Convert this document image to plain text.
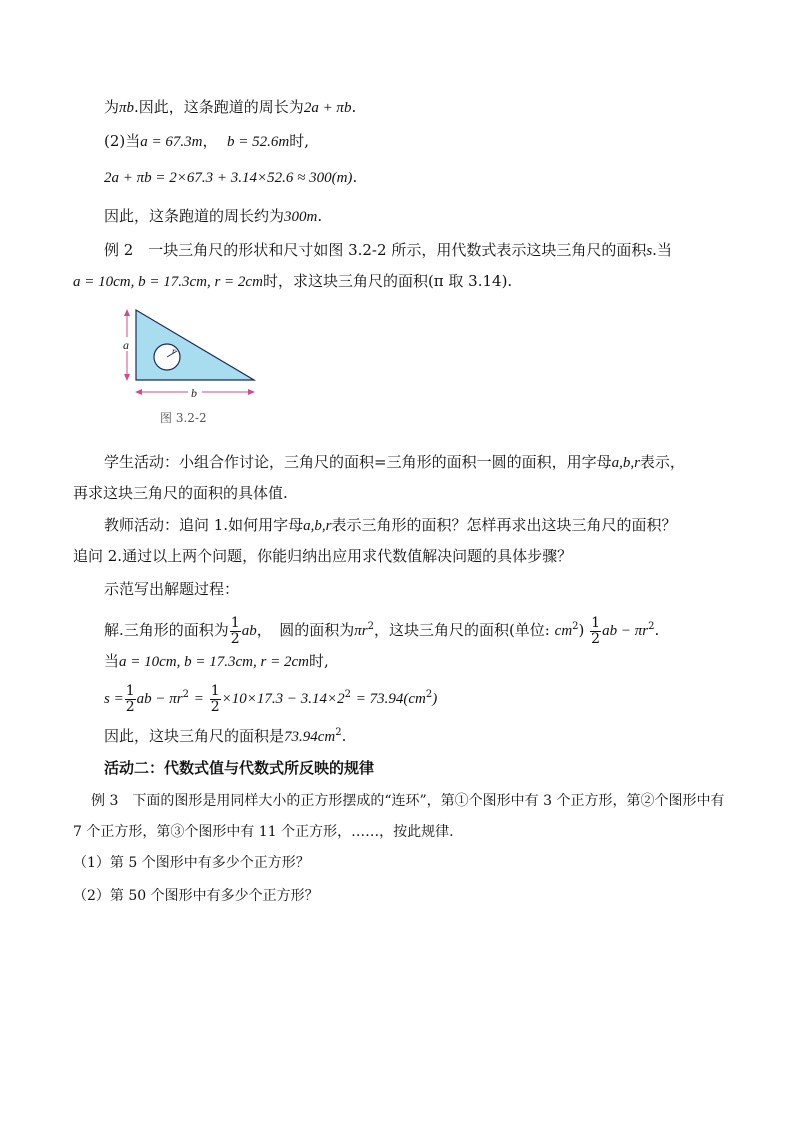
为πb.因此，这条跑道的周长为2a + πb.
(2)当a = 67.3m， b = 52.6m时,
2a + πb = 2×67.3 + 3.14×52.6 ≈ 300(m).
因此，这条跑道的周长约为300m.
例 2　一块三角尺的形状和尺寸如图 3.2-2 所示，用代数式表示这块三角尺的面积s.当
a = 10cm, b = 17.3cm, r = 2cm时，求这块三角尺的面积(π 取 3.14).
a
b
r
图 3.2-2
学生活动：小组合作讨论，三角尺的面积=三角形的面积一圆的面积，用字母a,b,r表示，
再求这块三角尺的面积的具体值.
教师活动：追问 1.如何用字母a,b,r表示三角形的面积？怎样再求出这块三角尺的面积？
追问 2.通过以上两个问题，你能归纳出应用求代数值解决问题的具体步骤？
示范写出解题过程：
解.三角形的面积为 $\frac{1}{2}$ ab，　圆的面积为$\pi r^2$，这块三角尺的面积(单位: $cm^2) \frac{1}{2}$ ab − $\pi r^2$.
当a = 10cm, b = 17.3cm, r = 2cm时,
$s = \frac{1}{2}$ ab − $\pi r^2 = \frac{1}{2} \times 10\times 17.3 - 3.14\times 2^2 = 73.94(cm^2)$
因此，这块三角尺的面积是$73.94cm^2$.
活动二：代数式值与代数式所反映的规律
例 3　下面的图形是用同样大小的正方形摆成的“连环”，第①个图形中有 3 个正方形，第②个图形中有
7 个正方形，第③个图形中有 11 个正方形，……，按此规律.
（1）第 5 个图形中有多少个正方形？
（2）第 50 个图形中有多少个正方形？
